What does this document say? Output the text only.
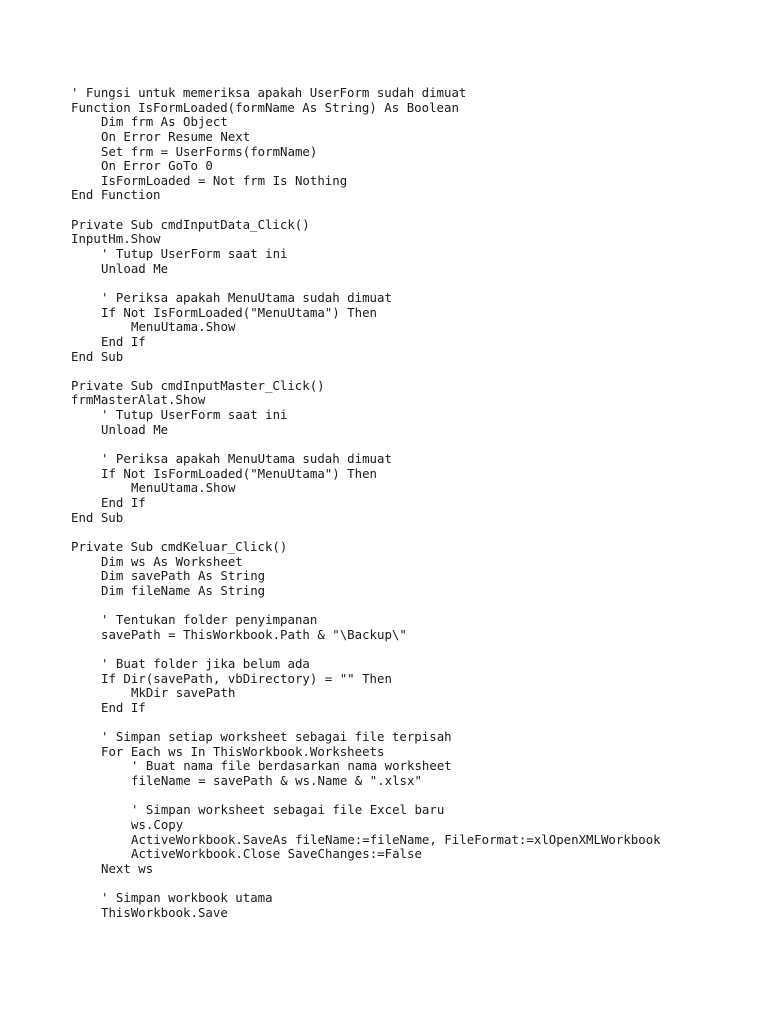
' Fungsi untuk memeriksa apakah UserForm sudah dimuat
Function IsFormLoaded(formName As String) As Boolean
Dim frm As Object
On Error Resume Next
Set frm = UserForms(formName)
On Error GoTo 0
IsFormLoaded = Not frm Is Nothing
End Function
Private Sub cmdInputData_Click()
InputHm.Show
' Tutup UserForm saat ini
Unload Me
' Periksa apakah MenuUtama sudah dimuat
If Not IsFormLoaded("MenuUtama") Then
MenuUtama.Show
End If
End Sub
Private Sub cmdInputMaster_Click()
frmMasterAlat.Show
' Tutup UserForm saat ini
Unload Me
' Periksa apakah MenuUtama sudah dimuat
If Not IsFormLoaded("MenuUtama") Then
MenuUtama.Show
End If
End Sub
Private Sub cmdKeluar_Click()
Dim ws As Worksheet
Dim savePath As String
Dim fileName As String
' Tentukan folder penyimpanan
savePath = ThisWorkbook.Path & "\Backup\"
' Buat folder jika belum ada
If Dir(savePath, vbDirectory) = "" Then
MkDir savePath
End If
' Simpan setiap worksheet sebagai file terpisah
For Each ws In ThisWorkbook.Worksheets
' Buat nama file berdasarkan nama worksheet
fileName = savePath & ws.Name & ".xlsx"
' Simpan worksheet sebagai file Excel baru
ws.Copy
ActiveWorkbook.SaveAs fileName:=fileName, FileFormat:=xlOpenXMLWorkbook
ActiveWorkbook.Close SaveChanges:=False
Next ws
' Simpan workbook utama
ThisWorkbook.Save
